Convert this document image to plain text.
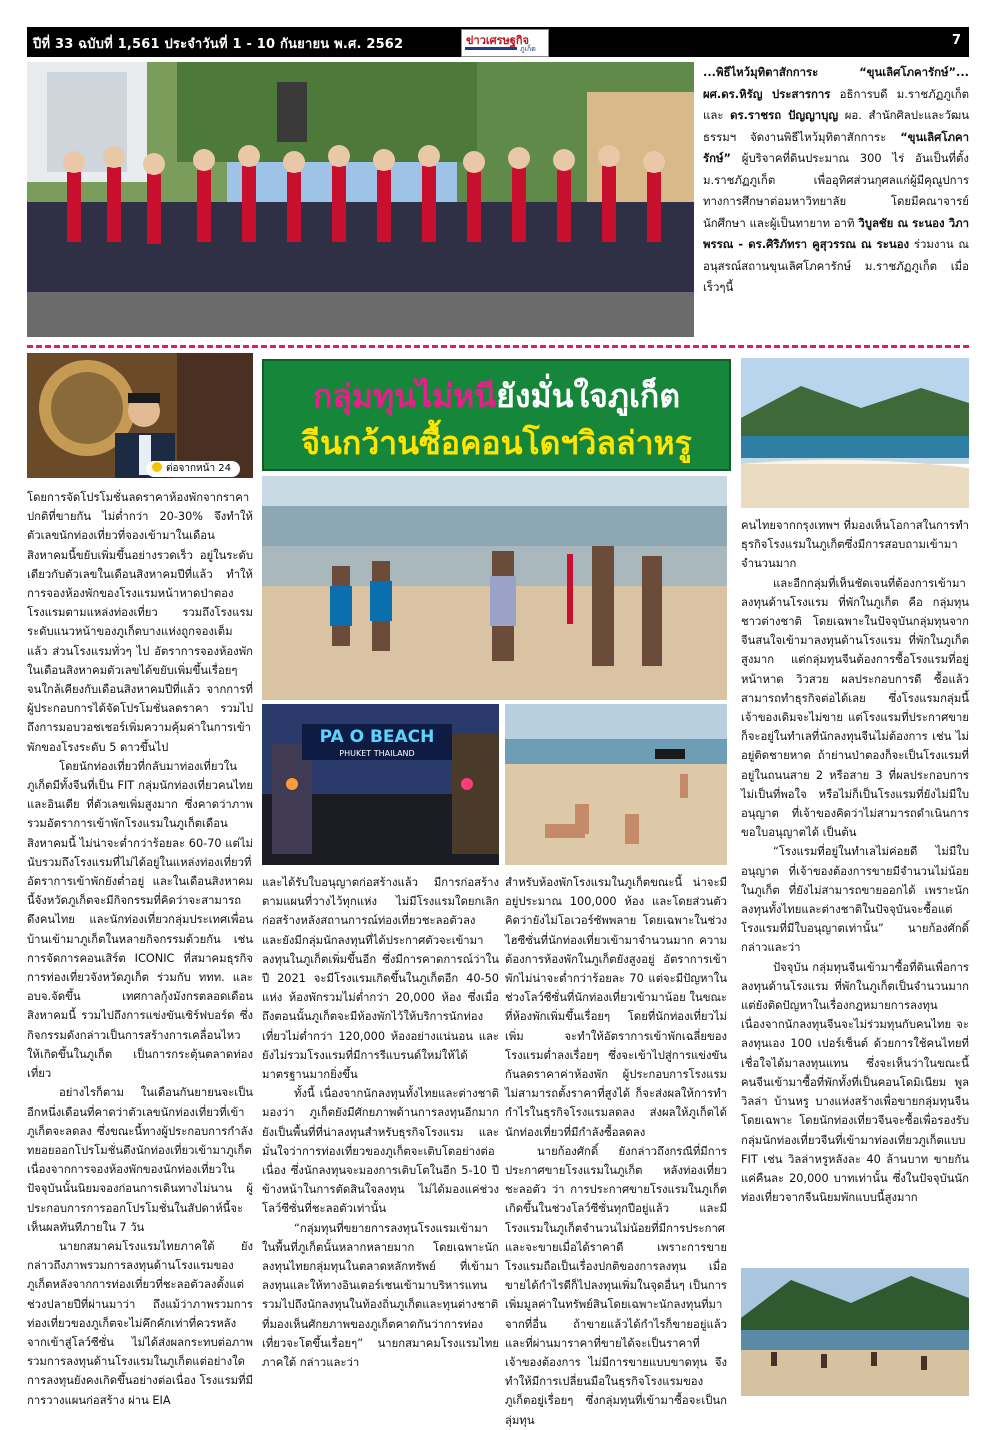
ปีที่ 33 ฉบับที่ 1,561 ประจำวันที่ 1 - 10 กันยายน พ.ศ. 2562	ข่าวเศรษฐกิจ
ภูเก็ต
7
...พิธีไหว้มุทิตาสักการะ “ขุนเลิศโภคารักษ์”... ผศ.ดร.หิรัญ ประสารการ อธิการบดี ม.ราชภัฏภูเก็ต และ ดร.ราชรถ ปัญญาบุญ ผอ. สำนักศิลปะและวัฒนธรรมฯ จัดงานพิธีไหว้มุทิตาสักการะ “ขุนเลิศโภคารักษ์” ผู้บริจาคที่ดินประมาณ 300 ไร่ อันเป็นที่ตั้ง ม.ราชภัฏภูเก็ต เพื่ออุทิศส่วนกุศลแก่ผู้มีคุณูปการทางการศึกษาต่อมหาวิทยาลัย โดยมีคณาจารย์ นักศึกษา และผู้เป็นทายาท อาทิ วิบูลชัย ณ ระนอง วิภาพรรณ - ดร.ศิริภัทรา คูสุวรรณ ณ ระนอง ร่วมงาน ณ อนุสรณ์สถานขุนเลิศโภคารักษ์ ม.ราชภัฏภูเก็ต เมื่อเร็วๆนี้
ต่อจากหน้า 24
กลุ่มทุนไม่หนียังมั่นใจภูเก็ต
จีนกว้านซื้อคอนโดฯวิลล่าหรู
PA O BEACH
PHUKET THAILAND

โดยการจัดโปรโมชั่นลดราคาห้องพักจากราคาปกติที่ขายกัน ไม่ต่ำกว่า 20-30% จึงทำให้ตัวเลขนักท่องเที่ยวที่จองเข้ามาในเดือนสิงหาคมนี้ขยับเพิ่มขึ้นอย่างรวดเร็ว อยู่ในระดับเดียวกับตัวเลขในเดือนสิงหาคมปีที่แล้ว ทำให้การจองห้องพักของโรงแรมหน้าหาดป่าตอง โรงแรมตามแหล่งท่องเที่ยว รวมถึงโรงแรมระดับแนวหน้าของภูเก็ตบางแห่งถูกจองเต็มแล้ว ส่วนโรงแรมทั่วๆ ไป อัตราการจองห้องพักในเดือนสิงหาคมตัวเลขได้ขยับเพิ่มขึ้นเรื่อยๆ จนใกล้เคียงกับเดือนสิงหาคมปีที่แล้ว จากการที่ผู้ประกอบการได้จัดโปรโมชั่นลดราคา รวมไปถึงการมอบวอชเชอร์เพิ่มความคุ้มค่าในการเข้าพักของโรงระดับ 5 ดาวขึ้นไป

โดยนักท่องเที่ยวที่กลับมาท่องเที่ยวในภูเก็ตมีทั้งจีนที่เป็น FIT กลุ่มนักท่องเที่ยวคนไทย และอินเดีย ที่ตัวเลขเพิ่มสูงมาก ซึ่งคาดว่าภาพรวมอัตราการเข้าพักโรงแรมในภูเก็ตเดือนสิงหาคมนี้ ไม่น่าจะต่ำกว่าร้อยละ 60-70 แต่ไม่นับรวมถึงโรงแรมที่ไม่ได้อยู่ในแหล่งท่องเที่ยวที่อัตราการเข้าพักยังต่ำอยู่ และในเดือนสิงหาคมนี้จังหวัดภูเก็ตจะมีกิจกรรมที่คิดว่าจะสามารถดึงคนไทย และนักท่องเที่ยวกลุ่มประเทศเพื่อนบ้านเข้ามาภูเก็ตในหลายกิจกรรมด้วยกัน เช่น การจัดการคอนเสิร์ต ICONIC ที่สมาคมธุรกิจการท่องเที่ยวจังหวัดภูเก็ต ร่วมกับ ททท. และ อบจ.จัดขึ้น เทศกาลกุ้งมังกรตลอดเดือนสิงหาคมนี้ รวมไปถึงการแข่งขันเซิร์ฟบอร์ด ซึ่งกิจกรรมดังกล่าวเป็นการสร้างการเคลื่อนไหวให้เกิดขึ้นในภูเก็ต เป็นการกระตุ้นตลาดท่องเที่ยว

อย่างไรก็ตาม ในเดือนกันยายนจะเป็นอีกหนึ่งเดือนที่คาดว่าตัวเลขนักท่องเที่ยวที่เข้าภูเก็ตจะลดลง ซึ่งขณะนี้ทางผู้ประกอบการกำลังทยอยออกโปรโมชั่นดึงนักท่องเที่ยวเข้ามาภูเก็ต เนื่องจากการจองห้องพักของนักท่องเที่ยวในปัจจุบันนั้นนิยมจองก่อนการเดินทางไม่นาน ผู้ประกอบการการออกโปรโมชั่นในสัปดาห์นี้จะเห็นผลทันทีภายใน 7 วัน

นายกสมาคมโรงแรมไทยภาคใต้ ยังกล่าวถึงภาพรวมการลงทุนด้านโรงแรมของภูเก็ตหลังจากการท่องเที่ยวที่ชะลอตัวลงตั้งแต่ช่วงปลายปีที่ผ่านมาว่า ถึงแม้ว่าภาพรวมการท่องเที่ยวของภูเก็ตจะไม่คึกคักเท่าที่ควรหลังจากเข้าสู่โลว์ซีซั่น ไม่ได้ส่งผลกระทบต่อภาพรวมการลงทุนด้านโรงแรมในภูเก็ตแต่อย่างใด การลงทุนยังคงเกิดขึ้นอย่างต่อเนื่อง โรงแรมที่มีการวางแผนก่อสร้าง ผ่าน EIA

และได้รับใบอนุญาตก่อสร้างแล้ว มีการก่อสร้างตามแผนที่วางไว้ทุกแห่ง ไม่มีโรงแรมใดยกเลิกก่อสร้างหลังสถานการณ์ท่องเที่ยวชะลอตัวลง และยังมีกลุ่มนักลงทุนที่ได้ประกาศตัวจะเข้ามาลงทุนในภูเก็ตเพิ่มขึ้นอีก ซึ่งมีการคาดการณ์ว่าในปี 2021 จะมีโรงแรมเกิดขึ้นในภูเก็ตอีก 40-50 แห่ง ห้องพักรวมไม่ต่ำกว่า 20,000 ห้อง ซึ่งเมื่อถึงตอนนั้นภูเก็ตจะมีห้องพักไว้ให้บริการนักท่องเที่ยวไม่ต่ำกว่า 120,000 ห้องอย่างแน่นอน และยังไม่รวมโรงแรมที่มีการรีแบรนด์ใหม่ให้ได้มาตรฐานมากยิ่งขึ้น

ทั้งนี้ เนื่องจากนักลงทุนทั้งไทยและต่างชาติมองว่า ภูเก็ตยังมีศักยภาพด้านการลงทุนอีกมาก ยังเป็นพื้นที่ที่น่าลงทุนสำหรับธุรกิจโรงแรม และมั่นใจว่าการท่องเที่ยวของภูเก็ตจะเติบโตอย่างต่อเนื่อง ซึ่งนักลงทุนจะมองการเติบโตในอีก 5-10 ปีข้างหน้าในการตัดสินใจลงทุน ไม่ได้มองแค่ช่วงโลว์ซีซั่นที่ชะลอตัวเท่านั้น

“กลุ่มทุนที่ขยายการลงทุนโรงแรมเข้ามาในพื้นที่ภูเก็ตนั้นหลากหลายมาก โดยเฉพาะนักลงทุนไทยกลุ่มทุนในตลาดหลักทรัพย์ ที่เข้ามาลงทุนและให้ทางอินเตอร์เชนเข้ามาบริหารแทน รวมไปถึงนักลงทุนในท้องถิ่นภูเก็ตและทุนต่างชาติ ที่มองเห็นศักยภาพของภูเก็ตคาดกันว่าการท่องเที่ยวจะโตขึ้นเรื่อยๆ” นายกสมาคมโรงแรมไทยภาคใต้ กล่าวและว่า

สำหรับห้องพักโรงแรมในภูเก็ตขณะนี้ น่าจะมีอยู่ประมาณ 100,000 ห้อง และโดยส่วนตัวคิดว่ายังไม่โอเวอร์ซัพพลาย โดยเฉพาะในช่วงไฮซีซั่นที่นักท่องเที่ยวเข้ามาจำนวนมาก ความต้องการห้องพักในภูเก็ตยังสูงอยู่ อัตราการเข้าพักไม่น่าจะต่ำกว่าร้อยละ 70 แต่จะมีปัญหาในช่วงโลว์ซีซั่นที่นักท่องเที่ยวเข้ามาน้อย ในขณะที่ห้องพักเพิ่มขึ้นเรื่อยๆ โดยที่นักท่องเที่ยวไม่เพิ่ม จะทำให้อัตราการเข้าพักเฉลี่ยของโรงแรมต่ำลงเรื่อยๆ ซึ่งจะเข้าไปสู่การแข่งขันกันลดราคาค่าห้องพัก ผู้ประกอบการโรงแรมไม่สามารถตั้งราคาที่สูงได้ ก็จะส่งผลให้การทำกำไรในธุรกิจโรงแรมลดลง ส่งผลให้ภูเก็ตได้นักท่องเที่ยวที่มีกำลังซื้อลดลง

นายก้องศักดิ์ ยังกล่าวถึงกรณีที่มีการประกาศขายโรงแรมในภูเก็ต หลังท่องเที่ยวชะลอตัว ว่า การประกาศขายโรงแรมในภูเก็ตเกิดขึ้นในช่วงโลว์ซีซั่นทุกปีอยู่แล้ว และมีโรงแรมในภูเก็ตจำนวนไม่น้อยที่มีการประกาศและจะขายเมื่อได้ราคาดี เพราะการขายโรงแรมถือเป็นเรื่องปกติของการลงทุน เมื่อขายได้กำไรดีก็ไปลงทุนเพิ่มในจุดอื่นๆ เป็นการเพิ่มมูลค่าในทรัพย์สินโดยเฉพาะนักลงทุนที่มาจากที่อื่น ถ้าขายแล้วได้กำไรก็ขายอยู่แล้ว และที่ผ่านมาราคาที่ขายได้จะเป็นราคาที่เจ้าของต้องการ ไม่มีการขายแบบขาดทุน จึงทำให้มีการเปลี่ยนมือในธุรกิจโรงแรมของภูเก็ตอยู่เรื่อยๆ ซึ่งกลุ่มทุนที่เข้ามาซื้อจะเป็นกลุ่มทุน

คนไทยจากกรุงเทพฯ ที่มองเห็นโอกาสในการทำธุรกิจโรงแรมในภูเก็ตซึ่งมีการสอบถามเข้ามาจำนวนมาก

และอีกกลุ่มที่เห็นชัดเจนที่ต้องการเข้ามาลงทุนด้านโรงแรม ที่พักในภูเก็ต คือ กลุ่มทุนชาวต่างชาติ โดยเฉพาะในปัจจุบันกลุ่มทุนจากจีนสนใจเข้ามาลงทุนด้านโรงแรม ที่พักในภูเก็ตสูงมาก แต่กลุ่มทุนจีนต้องการซื้อโรงแรมที่อยู่หน้าหาด วิวสวย ผลประกอบการดี ซื้อแล้วสามารถทำธุรกิจต่อได้เลย ซึ่งโรงแรมกลุ่มนี้เจ้าของเดิมจะไม่ขาย แต่โรงแรมที่ประกาศขายก็จะอยู่ในทำเลที่นักลงทุนจีนไม่ต้องการ เช่น ไม่อยู่ติดชายหาด ถ้าย่านป่าตองก็จะเป็นโรงแรมที่อยู่ในถนนสาย 2 หรือสาย 3 ที่ผลประกอบการไม่เป็นที่พอใจ หรือไม่ก็เป็นโรงแรมที่ยังไม่มีใบอนุญาต ที่เจ้าของคิดว่าไม่สามารถดำเนินการขอใบอนุญาตได้ เป็นต้น

“โรงแรมที่อยู่ในทำเลไม่ค่อยดี ไม่มีใบอนุญาต ที่เจ้าของต้องการขายมีจำนวนไม่น้อยในภูเก็ต ที่ยังไม่สามารถขายออกได้ เพราะนักลงทุนทั้งไทยและต่างชาติในปัจจุบันจะซื้อแต่โรงแรมที่มีใบอนุญาตเท่านั้น” นายก้องศักดิ์ กล่าวและว่า

ปัจจุบัน กลุ่มทุนจีนเข้ามาซื้อที่ดินเพื่อการลงทุนด้านโรงแรม ที่พักในภูเก็ตเป็นจำนวนมาก แต่ยังติดปัญหาในเรื่องกฎหมายการลงทุน เนื่องจากนักลงทุนจีนจะไม่ร่วมทุนกับคนไทย จะลงทุนเอง 100 เปอร์เซ็นต์ ด้วยการใช้คนไทยที่เชื่อใจได้มาลงทุนแทน ซึ่งจะเห็นว่าในขณะนี้คนจีนเข้ามาซื้อที่พักทั้งที่เป็นคอนโดมิเนียม พูลวิลล่า บ้านหรู บางแห่งสร้างเพื่อขายกลุ่มทุนจีนโดยเฉพาะ โดยนักท่องเที่ยวจีนจะซื้อเพื่อรองรับกลุ่มนักท่องเที่ยวจีนที่เข้ามาท่องเที่ยวภูเก็ตแบบ FIT เช่น วิลล่าหรูหลังละ 40 ล้านบาท ขายกันแค่คืนละ 20,000 บาทเท่านั้น ซึ่งในปัจจุบันนักท่องเที่ยวจากจีนนิยมพักแบบนี้สูงมาก
